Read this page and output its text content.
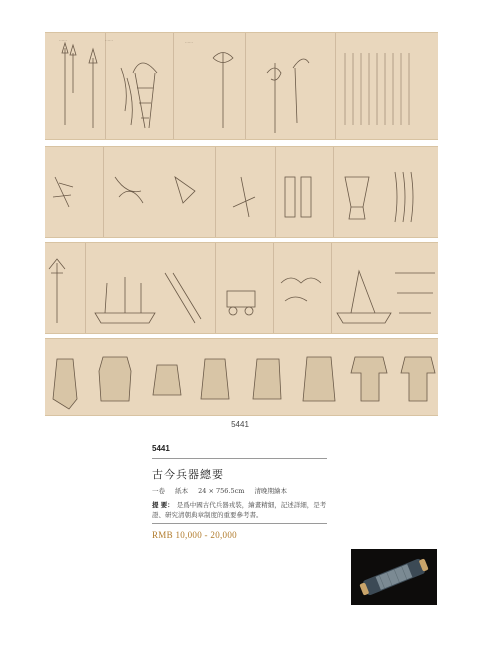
……	……	……
5441
5441
古今兵器總要
一卷 紙本 24 × 756.5cm 清晚期繪本
提 要： 是爲中國古代兵器戎裝，繪畫精細，記述詳細，是考證、研究清朝典章制度的重要參考書。
RMB 10,000 - 20,000
